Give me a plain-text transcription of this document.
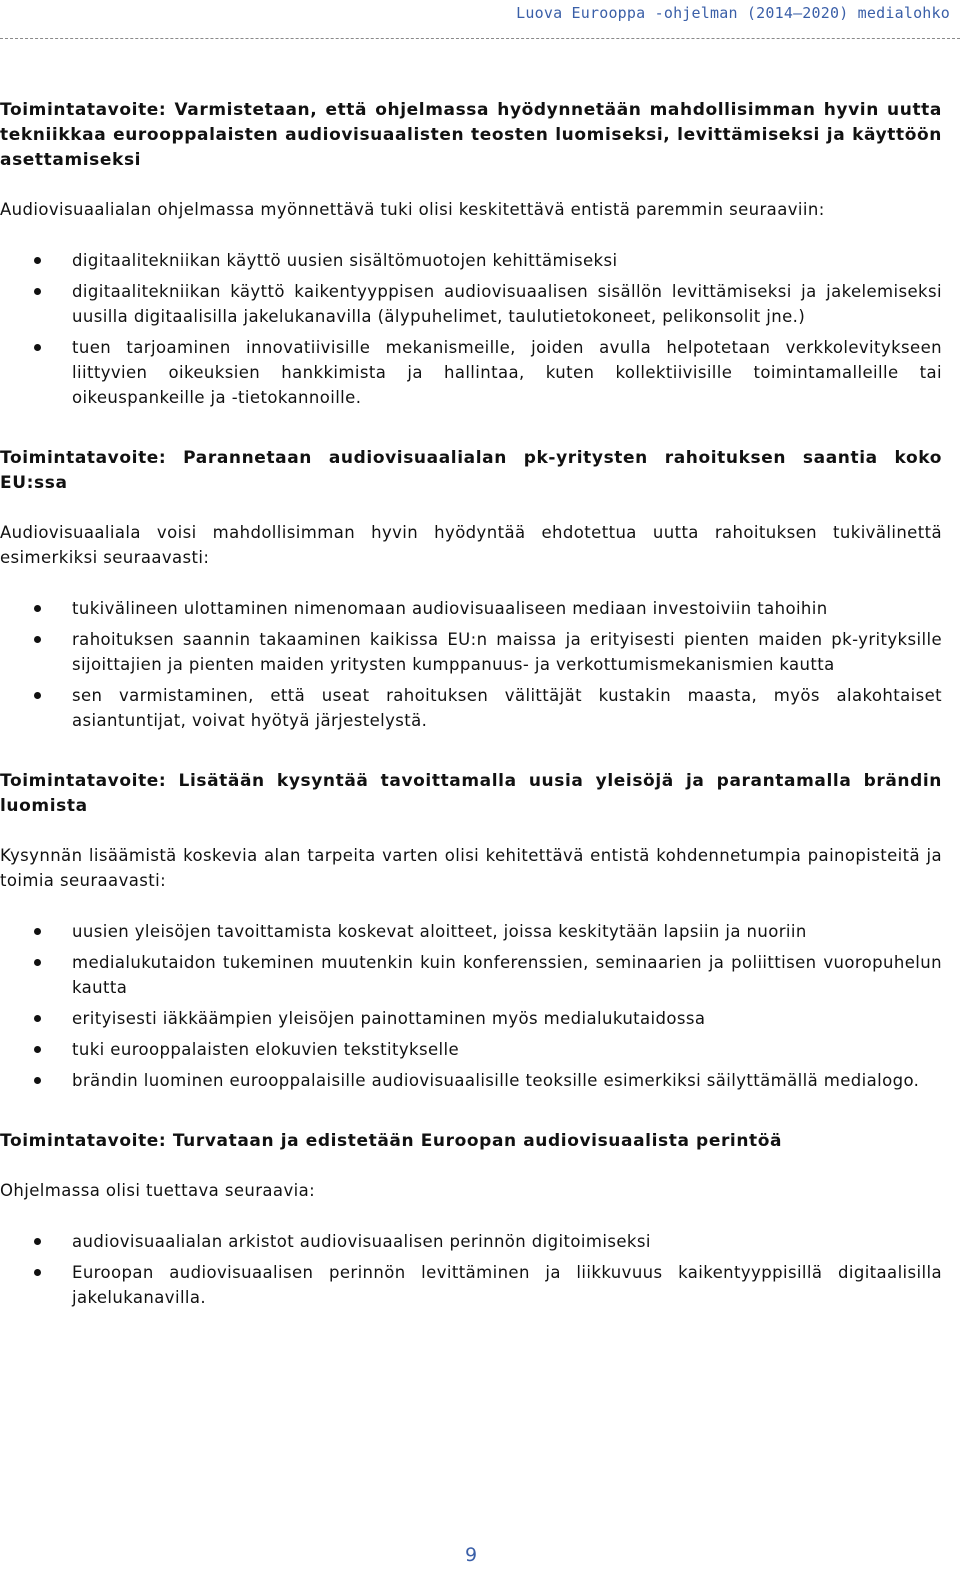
Luova Eurooppa -ohjelman (2014–2020) medialohko
Toimintatavoite: Varmistetaan, että ohjelmassa hyödynnetään mahdollisimman hyvin uutta tekniikkaa eurooppalaisten audiovisuaalisten teosten luomiseksi, levittämiseksi ja käyttöön asettamiseksi

Audiovisuaalialan ohjelmassa myönnettävä tuki olisi keskitettävä entistä paremmin seuraaviin:

digitaalitekniikan käyttö uusien sisältömuotojen kehittämiseksi
digitaalitekniikan käyttö kaikentyyppisen audiovisuaalisen sisällön levittämiseksi ja jakelemiseksi uusilla digitaalisilla jakelukanavilla (älypuhelimet, taulutietokoneet, pelikonsolit jne.)
tuen tarjoaminen innovatiivisille mekanismeille, joiden avulla helpotetaan verkkolevitykseen liittyvien oikeuksien hankkimista ja hallintaa, kuten kollektiivisille toimintamalleille tai oikeuspankeille ja -tietokannoille.
Toimintatavoite: Parannetaan audiovisuaalialan pk-yritysten rahoituksen saantia koko EU:ssa

Audiovisuaaliala voisi mahdollisimman hyvin hyödyntää ehdotettua uutta rahoituksen tukivälinettä esimerkiksi seuraavasti:

tukivälineen ulottaminen nimenomaan audiovisuaaliseen mediaan investoiviin tahoihin
rahoituksen saannin takaaminen kaikissa EU:n maissa ja erityisesti pienten maiden pk-yrityksille sijoittajien ja pienten maiden yritysten kumppanuus- ja verkottumismekanismien kautta
sen varmistaminen, että useat rahoituksen välittäjät kustakin maasta, myös alakohtaiset asiantuntijat, voivat hyötyä järjestelystä.
Toimintatavoite: Lisätään kysyntää tavoittamalla uusia yleisöjä ja parantamalla brändin luomista

Kysynnän lisäämistä koskevia alan tarpeita varten olisi kehitettävä entistä kohdennetumpia painopisteitä ja toimia seuraavasti:

uusien yleisöjen tavoittamista koskevat aloitteet, joissa keskitytään lapsiin ja nuoriin
medialukutaidon tukeminen muutenkin kuin konferenssien, seminaarien ja poliittisen vuoropuhelun kautta
erityisesti iäkkäämpien yleisöjen painottaminen myös medialukutaidossa
tuki eurooppalaisten elokuvien tekstitykselle
brändin luominen eurooppalaisille audiovisuaalisille teoksille esimerkiksi säilyttämällä medialogo.
Toimintatavoite: Turvataan ja edistetään Euroopan audiovisuaalista perintöä

Ohjelmassa olisi tuettava seuraavia:

audiovisuaalialan arkistot audiovisuaalisen perinnön digitoimiseksi
Euroopan audiovisuaalisen perinnön levittäminen ja liikkuvuus kaikentyyppisillä digitaalisilla jakelukanavilla.
9
